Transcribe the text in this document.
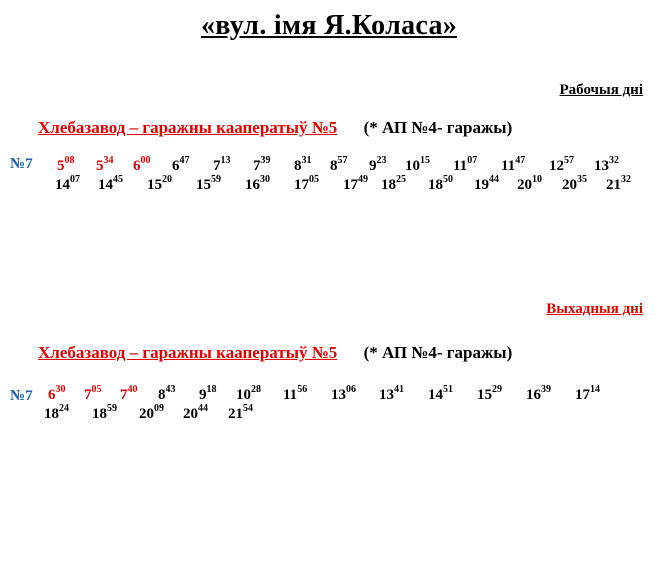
«вул. імя Я.Коласа»
Рабочыя дні
Хлебазавод – гаражны кааператыў №5 (* АП №4- гаражы)
№7 $5^{08}$ $5^{34}$ $6^{00}$ $6^{47}$ $7^{13}$ $7^{39}$ $8^{31}$ $8^{57}$ $9^{23}$ $10^{15}$ $11^{07}$ $11^{47}$ $12^{57}$ $13^{32}$
$14^{07}$ $14^{45}$ $15^{20}$ $15^{59}$ $16^{30}$ $17^{05}$ $17^{49}$ $18^{25}$ $18^{50}$ $19^{44}$ $20^{10}$ $20^{35}$ $21^{32}$
Выхадныя дні
Хлебазавод – гаражны кааператыў №5 (* АП №4- гаражы)
№7 $6^{30}$ $7^{05}$ $7^{40}$ $8^{43}$ $9^{18}$ $10^{28}$ $11^{56}$ $13^{06}$ $13^{41}$ $14^{51}$ $15^{29}$ $16^{39}$ $17^{14}$
$18^{24}$ $18^{59}$ $20^{09}$ $20^{44}$ $21^{54}$
